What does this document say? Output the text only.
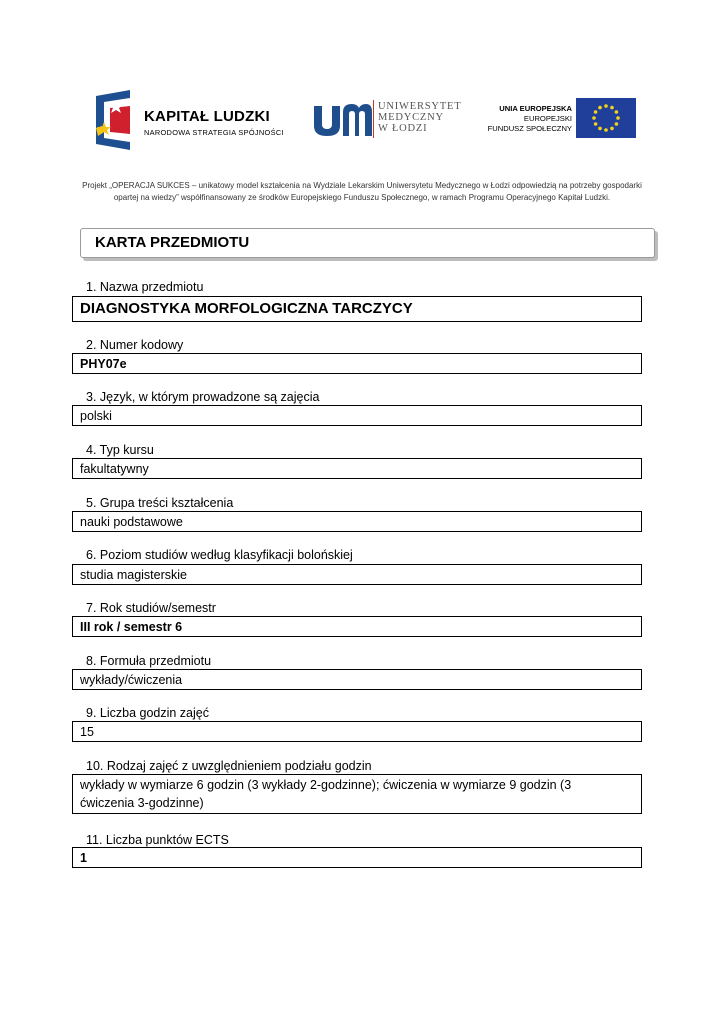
KAPITAŁ LUDZKI
NARODOWA STRATEGIA SPÓJNOŚCI
UNIWERSYTET
MEDYCZNY
W ŁODZI
UNIA EUROPEJSKA
EUROPEJSKI
FUNDUSZ SPOŁECZNY
Projekt „OPERACJA SUKCES – unikatowy model kształcenia na Wydziale Lekarskim Uniwersytetu Medycznego w Łodzi odpowiedzią na potrzeby gospodarki opartej na wiedzy” współfinansowany ze środków Europejskiego Funduszu Społecznego, w ramach Programu Operacyjnego Kapitał Ludzki.
KARTA PRZEDMIOTU
1. Nazwa przedmiotu
DIAGNOSTYKA MORFOLOGICZNA TARCZYCY
2. Numer kodowy
PHY07e
3. Język, w którym prowadzone są zajęcia
polski
4. Typ kursu
fakultatywny
5. Grupa treści kształcenia
nauki podstawowe
6. Poziom studiów według klasyfikacji bolońskiej
studia magisterskie
7. Rok studiów/semestr
III rok / semestr 6
8. Formuła przedmiotu
wykłady/ćwiczenia
9. Liczba godzin zajęć
15
10. Rodzaj zajęć z uwzględnieniem podziału godzin
wykłady w wymiarze 6 godzin (3 wykłady 2-godzinne); ćwiczenia w wymiarze 9 godzin (3 ćwiczenia 3-godzinne)
11. Liczba punktów ECTS
1
